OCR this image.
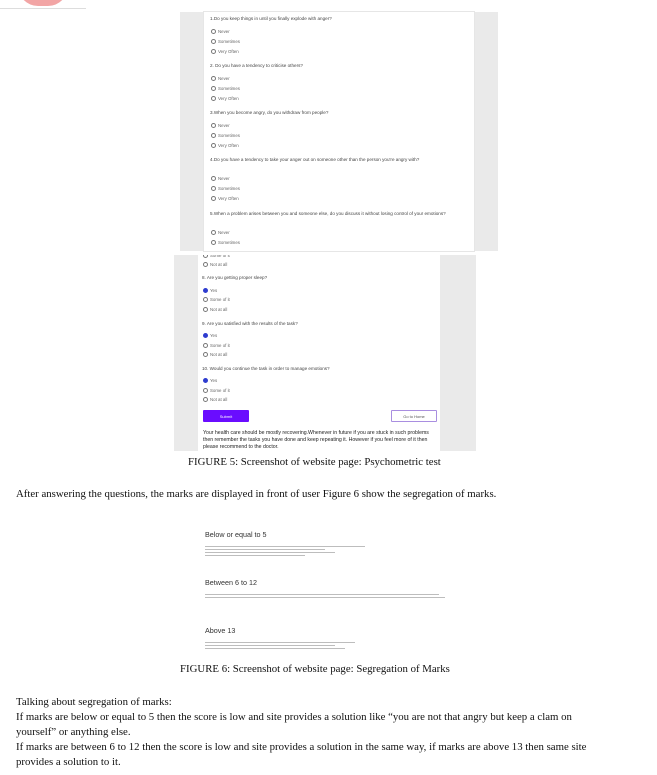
1.Do you keep things in until you finally explode with anger?
Never
Sometimes
Very Often
2. Do you have a tendency to criticise others?
Never
Sometimes
Very Often
3.When you become angry, do you withdraw from people?
Never
Sometimes
Very Often
4.Do you have a tendency to take your anger out on someone other than the person you're angry with?
Never
Sometimes
Very Often
5.When a problem arises between you and someone else, do you discuss it without losing control of your emotions?
Never
Sometimes
Some of it
Not at all
8. Are you getting proper sleep?
Yes
Some of it
Not at all
9. Are you satisfied with the results of the task?
Yes
Some of it
Not at all
10. Would you continue the task in order to manage emotions?
Yes
Some of it
Not at all
Submit	Go to Home
Your health care should be mostly recovering.Whenever in future if you are stuck in such problems then remember the tasks you have done and keep repeating it. However if you feel more of it then please recommend to the doctor.
FIGURE 5: Screenshot of website page: Psychometric test
After answering the questions, the marks are displayed in front of user Figure 6 show the segregation of marks.
Below or equal to 5
Between 6 to 12
Above 13
FIGURE 6: Screenshot of website page: Segregation of Marks
Talking about segregation of marks:
If marks are below or equal to 5 then the score is low and site provides a solution like “you are not that angry but keep a clam on
yourself” or anything else.
If marks are between 6 to 12 then the score is low and site provides a solution in the same way, if marks are above 13 then same site
provides a solution to it.
